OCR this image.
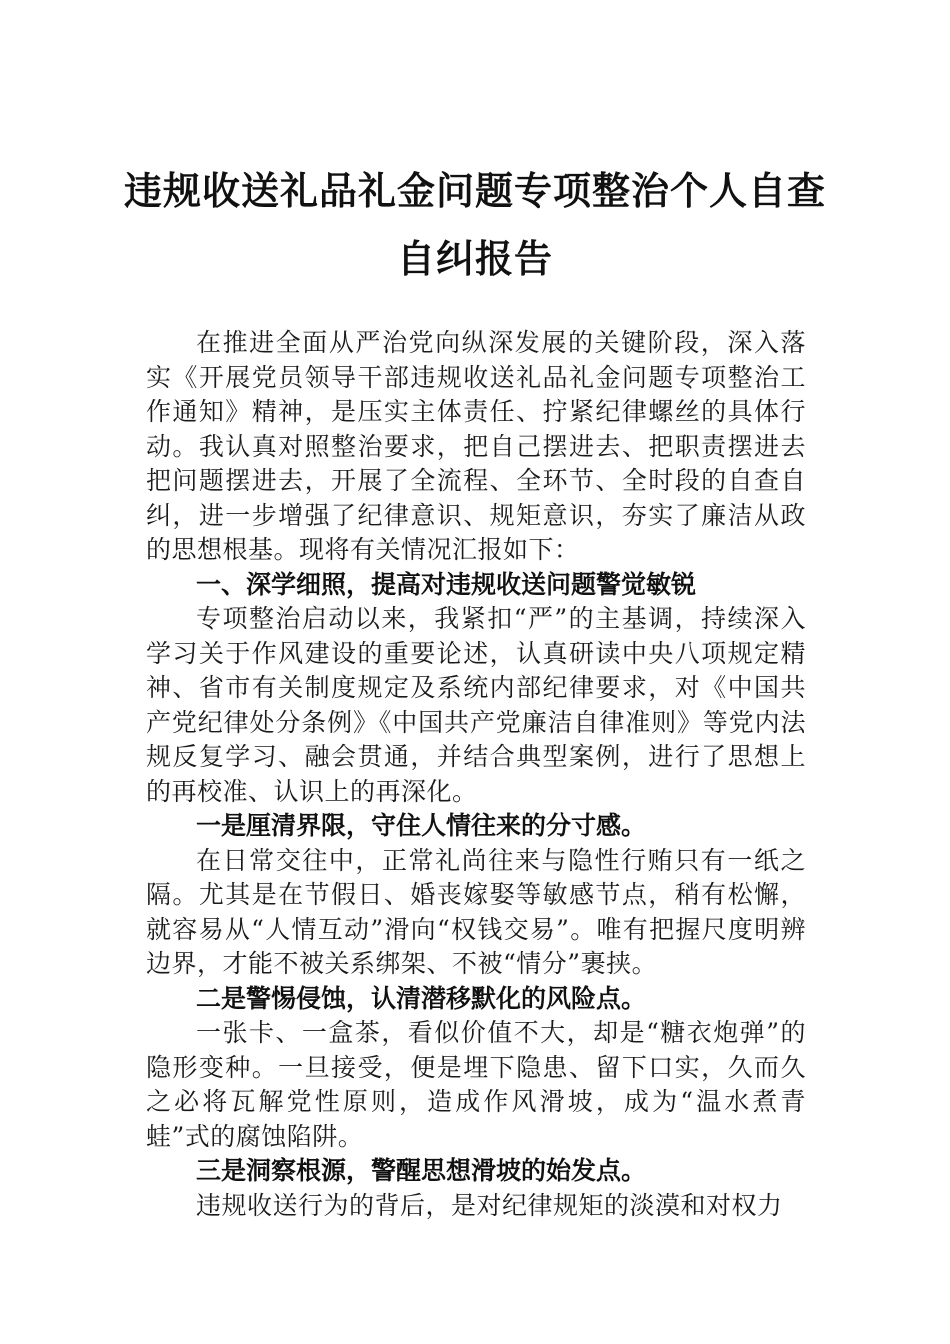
违规收送礼品礼金问题专项整治个人自查
自纠报告

在推进全面从严治党向纵深发展的关键阶段，深入落实《开展党员领导干部违规收送礼品礼金问题专项整治工作通知》精神，是压实主体责任、拧紧纪律螺丝的具体行动。我认真对照整治要求，把自己摆进去、把职责摆进去把问题摆进去，开展了全流程、全环节、全时段的自查自纠，进一步增强了纪律意识、规矩意识，夯实了廉洁从政的思想根基。现将有关情况汇报如下：

一、深学细照，提高对违规收送问题警觉敏锐

专项整治启动以来，我紧扣“严”的主基调，持续深入学习关于作风建设的重要论述，认真研读中央八项规定精神、省市有关制度规定及系统内部纪律要求，对《中国共产党纪律处分条例》《中国共产党廉洁自律准则》等党内法规反复学习、融会贯通，并结合典型案例，进行了思想上的再校准、认识上的再深化。

一是厘清界限，守住人情往来的分寸感。

在日常交往中，正常礼尚往来与隐性行贿只有一纸之隔。尤其是在节假日、婚丧嫁娶等敏感节点，稍有松懈，就容易从“人情互动”滑向“权钱交易”。唯有把握尺度明辨边界，才能不被关系绑架、不被“情分”裹挟。

二是警惕侵蚀，认清潜移默化的风险点。

一张卡、一盒茶，看似价值不大，却是“糖衣炮弹”的隐形变种。一旦接受，便是埋下隐患、留下口实，久而久之必将瓦解党性原则，造成作风滑坡，成为“温水煮青蛙”式的腐蚀陷阱。

三是洞察根源，警醒思想滑坡的始发点。

违规收送行为的背后，是对纪律规矩的淡漠和对权力
